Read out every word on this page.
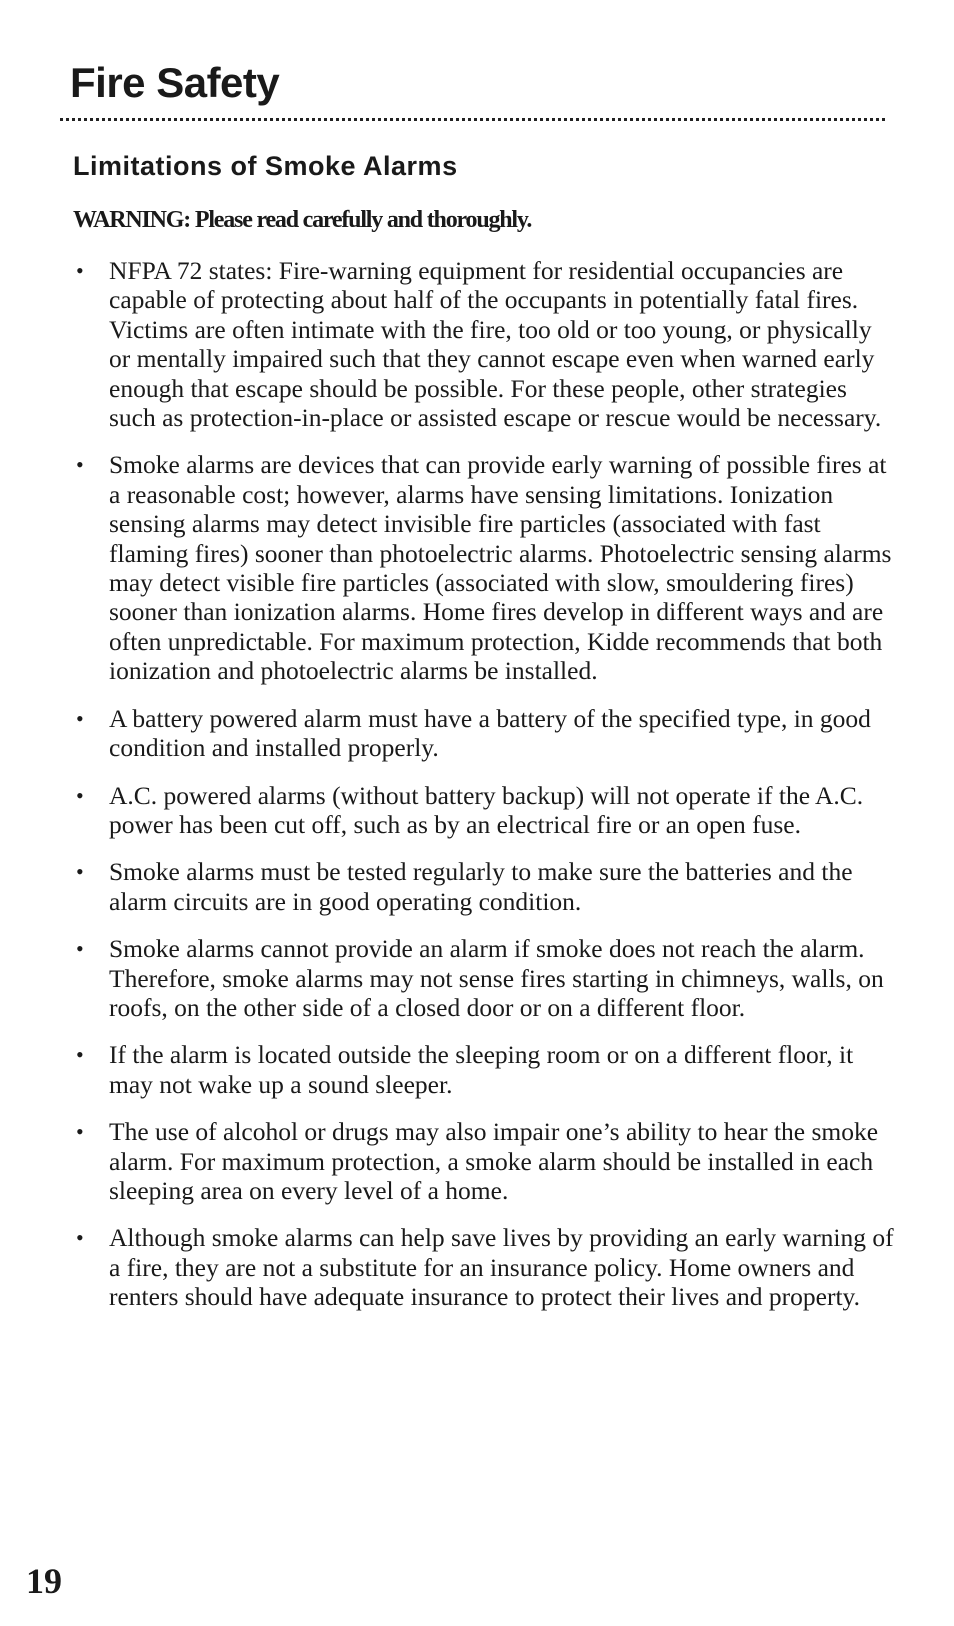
Fire Safety
Limitations of Smoke Alarms

WARNING: Please read carefully and thoroughly.

• NFPA 72 states: Fire-warning equipment for residential occupancies are capable of protecting about half of the occupants in potentially fatal fires. Victims are often intimate with the fire, too old or too young, or physically or mentally impaired such that they cannot escape even when warned early enough that escape should be possible. For these people, other strategies such as protection-in-place or assisted escape or rescue would be necessary.
• Smoke alarms are devices that can provide early warning of possible fires at a reasonable cost; however, alarms have sensing limitations. Ionization sensing alarms may detect invisible fire particles (associated with fast flaming fires) sooner than photoelectric alarms. Photoelectric sensing alarms may detect visible fire particles (associated with slow, smouldering fires) sooner than ionization alarms. Home fires develop in different ways and are often unpredictable. For maximum protection, Kidde recommends that both ionization and photoelectric alarms be installed.
• A battery powered alarm must have a battery of the specified type, in good condition and installed properly.
• A.C. powered alarms (without battery backup) will not operate if the A.C. power has been cut off, such as by an electrical fire or an open fuse.
• Smoke alarms must be tested regularly to make sure the batteries and the alarm circuits are in good operating condition.
• Smoke alarms cannot provide an alarm if smoke does not reach the alarm. Therefore, smoke alarms may not sense fires starting in chimneys, walls, on roofs, on the other side of a closed door or on a different floor.
• If the alarm is located outside the sleeping room or on a different floor, it may not wake up a sound sleeper.
• The use of alcohol or drugs may also impair one’s ability to hear the smoke alarm. For maximum protection, a smoke alarm should be installed in each sleeping area on every level of a home.
• Although smoke alarms can help save lives by providing an early warning of a fire, they are not a substitute for an insurance policy. Home owners and renters should have adequate insurance to protect their lives and property.
19
